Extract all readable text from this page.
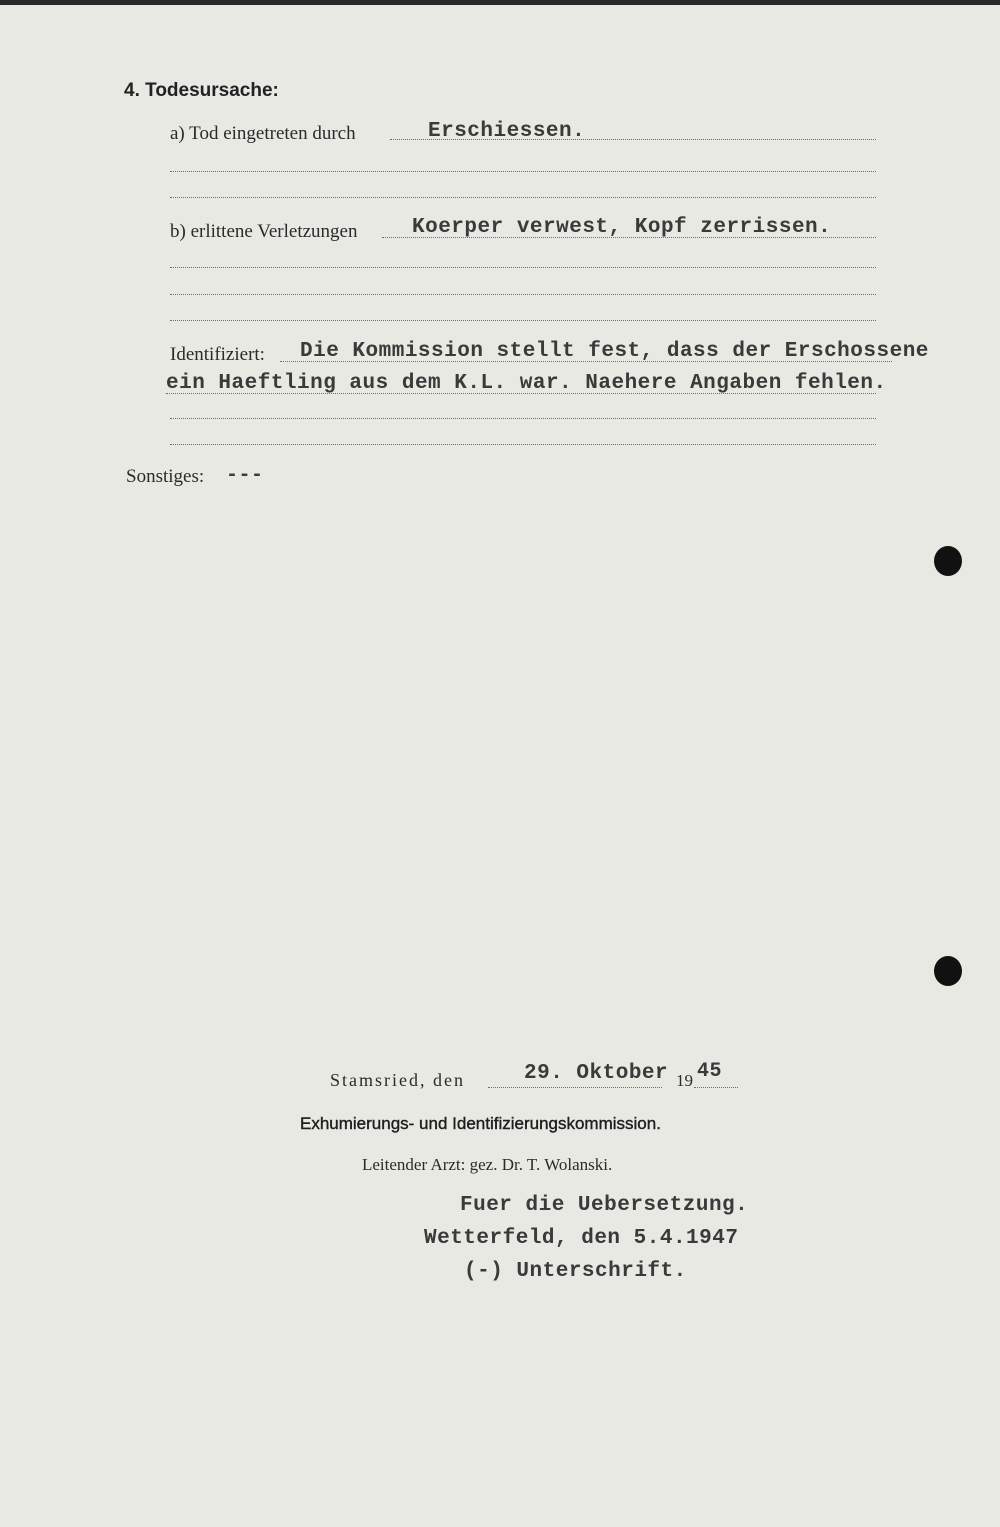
4. Todesursache:
a) Tod eingetreten durch	Erschiessen.
b) erlittene Verletzungen	Koerper verwest, Kopf zerrissen.
Identifiziert: Die Kommission stellt fest, dass der Erschossene
ein Haeftling aus dem K.L. war. Naehere Angaben fehlen.
Sonstiges: ---
Stamsried, den	29. Oktober 19 45
Exhumierungs- und Identifizierungskommission.
Leitender Arzt: gez. Dr. T. Wolanski.
Fuer die Uebersetzung.
Wetterfeld, den 5.4.1947
(-) Unterschrift.
